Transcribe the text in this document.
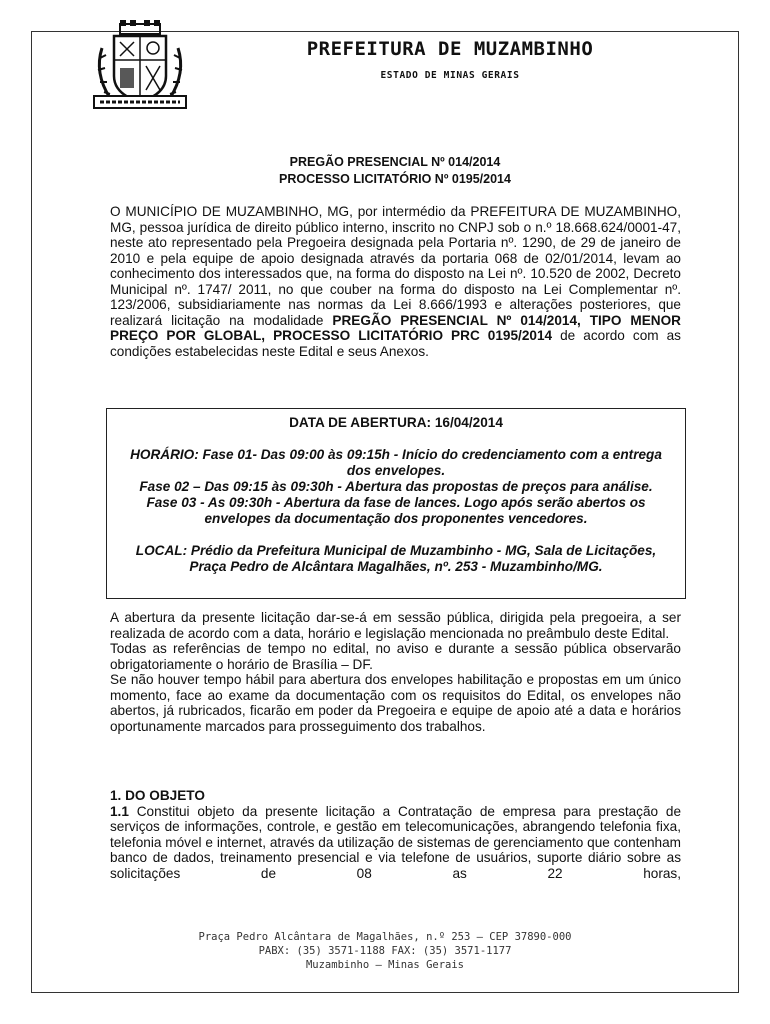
PREFEITURA DE MUZAMBINHO
ESTADO DE MINAS GERAIS
PREGÃO PRESENCIAL Nº 014/2014
PROCESSO LICITATÓRIO Nº 0195/2014

O MUNICÍPIO DE MUZAMBINHO, MG, por intermédio da PREFEITURA DE MUZAMBINHO, MG, pessoa jurídica de direito público interno, inscrito no CNPJ sob o n.º 18.668.624/0001-47, neste ato representado pela Pregoeira designada pela Portaria nº. 1290, de 29 de janeiro de 2010 e pela equipe de apoio designada através da portaria 068 de 02/01/2014, levam ao conhecimento dos interessados que, na forma do disposto na Lei nº. 10.520 de 2002, Decreto Municipal nº. 1747/ 2011, no que couber na forma do disposto na Lei Complementar nº. 123/2006, subsidiariamente nas normas da Lei 8.666/1993 e alterações posteriores, que realizará licitação na modalidade PREGÃO PRESENCIAL Nº 014/2014, TIPO MENOR PREÇO POR GLOBAL, PROCESSO LICITATÓRIO PRC 0195/2014 de acordo com as condições estabelecidas neste Edital e seus Anexos.

DATA DE ABERTURA: 16/04/2014

HORÁRIO: Fase 01- Das 09:00 às 09:15h - Início do credenciamento com a entrega dos envelopes.

Fase 02 – Das 09:15 às 09:30h - Abertura das propostas de preços para análise.

Fase 03 - As 09:30h - Abertura da fase de lances. Logo após serão abertos os envelopes da documentação dos proponentes vencedores.

LOCAL: Prédio da Prefeitura Municipal de Muzambinho - MG, Sala de Licitações, Praça Pedro de Alcântara Magalhães, nº. 253 - Muzambinho/MG.

A abertura da presente licitação dar-se-á em sessão pública, dirigida pela pregoeira, a ser realizada de acordo com a data, horário e legislação mencionada no preâmbulo deste Edital.

Todas as referências de tempo no edital, no aviso e durante a sessão pública observarão obrigatoriamente o horário de Brasília – DF.

Se não houver tempo hábil para abertura dos envelopes habilitação e propostas em um único momento, face ao exame da documentação com os requisitos do Edital, os envelopes não abertos, já rubricados, ficarão em poder da Pregoeira e equipe de apoio até a data e horários oportunamente marcados para prosseguimento dos trabalhos.

1. DO OBJETO

1.1 Constitui objeto da presente licitação a Contratação de empresa para prestação de serviços de informações, controle, e gestão em telecomunicações, abrangendo telefonia fixa, telefonia móvel e internet, através da utilização de sistemas de gerenciamento que contenham banco de dados, treinamento presencial e via telefone de usuários, suporte diário sobre as solicitações de 08 as 22 horas,

Praça Pedro Alcântara de Magalhães, n.º 253 – CEP 37890-000
PABX: (35) 3571-1188 FAX: (35) 3571-1177
Muzambinho – Minas Gerais
